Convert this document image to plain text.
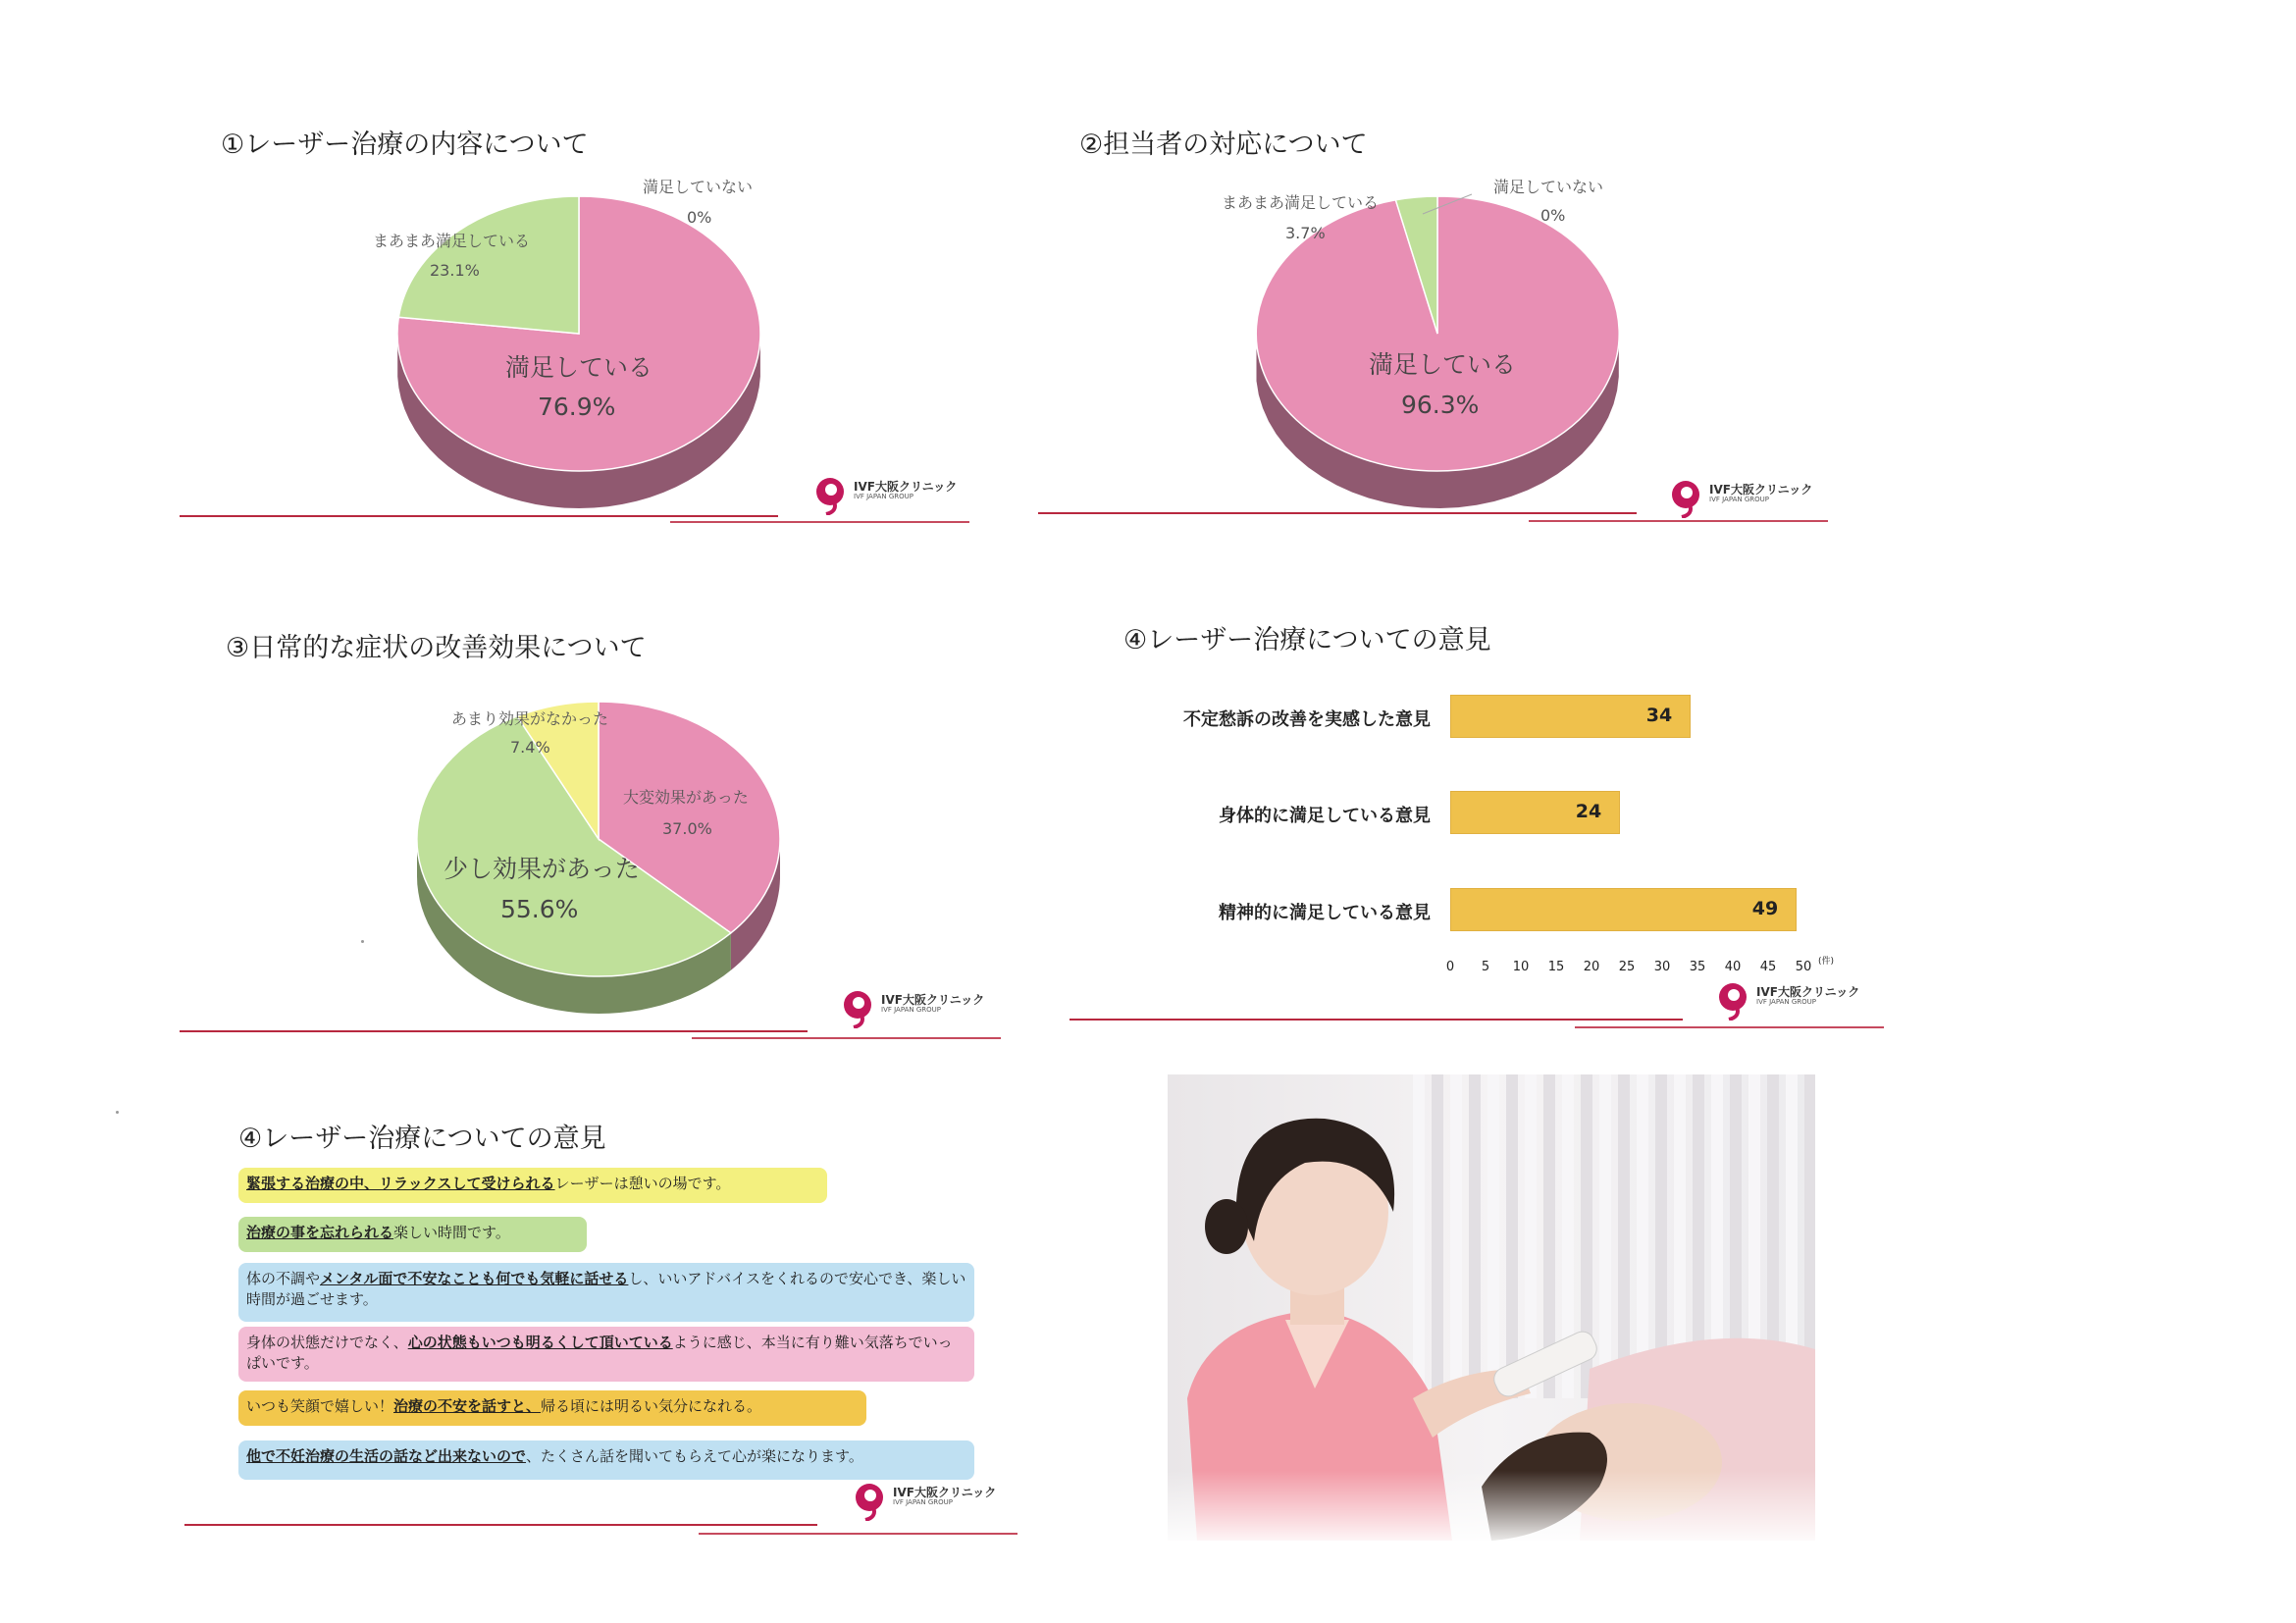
①レーザー治療の内容について
満足していない
0%
まあまあ満足している
23.1%
満足している
76.9%
IVF大阪クリニック
IVF JAPAN GROUP
②担当者の対応について
満足していない
0%
まあまあ満足している
3.7%
満足している
96.3%
IVF大阪クリニック
IVF JAPAN GROUP
③日常的な症状の改善効果について
あまり効果がなかった
7.4%
大変効果があった
37.0%
少し効果があった
55.6%
IVF大阪クリニック
IVF JAPAN GROUP
④レーザー治療についての意見
不定愁訴の改善を実感した意見	34
身体的に満足している意見	24
精神的に満足している意見	49
0	5	10	15	20	25	30	35	40	45	50 (件)
IVF大阪クリニック
IVF JAPAN GROUP
④レーザー治療についての意見
緊張する治療の中、リラックスして受けられるレーザーは憩いの場です。
治療の事を忘れられる楽しい時間です。
体の不調やメンタル面で不安なことも何でも気軽に話せるし、いいアドバイスをくれるので安心でき、楽しい時間が過ごせます。
身体の状態だけでなく、心の状態もいつも明るくして頂いているように感じ、本当に有り難い気落ちでいっぱいです。
いつも笑顔で嬉しい！治療の不安を話すと、帰る頃には明るい気分になれる。
他で不妊治療の生活の話など出来ないので、たくさん話を聞いてもらえて心が楽になります。
IVF大阪クリニック
IVF JAPAN GROUP
